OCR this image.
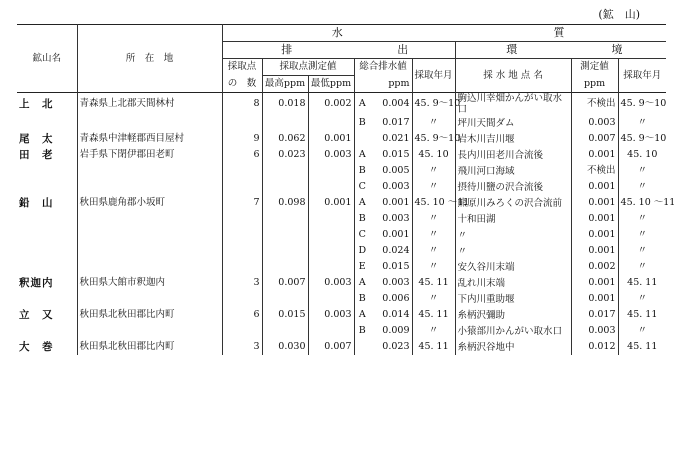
(鉱　山)
鉱山名	所　在　地	水						質		
		排			出			環	境	
		採取点	採取点測定値		総合排水値		採取年月	採 水 地 点 名	測定値	採取年月
		の　数	最高ppm	最低ppm	ppm				ppm	
上　北	青森県上北郡天間林村	8	0.018	0.002	A	0.004	45. 9〜10	駒込川幸畑かんがい取水口	不検出	45. 9〜10
					B	0.017	〃	坪川天間ダム	0.003	〃
尾　太	青森県中津軽郡西目屋村	9	0.062	0.001		0.021	45. 9〜10	岩木川吉川堰	0.007	45. 9〜10
田　老	岩手県下閉伊郡田老町	6	0.023	0.003	A	0.015	45. 10	長内川田老川合流後	0.001	45. 10
					B	0.005	〃	飛川河口海域	不検出	〃
					C	0.003	〃	摂待川鹽の沢合流後	0.001	〃
鉛　山	秋田県鹿角郡小坂町	7	0.098	0.001	A	0.001	45. 10 〜11	熊原川みろくの沢合流前	0.001	45. 10 〜11
					B	0.003	〃	十和田湖	0.001	〃
					C	0.001	〃	〃	0.001	〃
					D	0.024	〃	〃	0.001	〃
					E	0.015	〃	安久谷川末端	0.002	〃
釈迦内	秋田県大館市釈迦内	3	0.007	0.003	A	0.003	45. 11	乱れ川末端	0.001	45. 11
					B	0.006	〃	下内川重助堰	0.001	〃
立　又	秋田県北秋田郡比内町	6	0.015	0.003	A	0.014	45. 11	糸柄沢彌助	0.017	45. 11
					B	0.009	〃	小猿部川かんがい取水口	0.003	〃
大　巻	秋田県北秋田郡比内町	3	0.030	0.007		0.023	45. 11	糸柄沢谷地中	0.012	45. 11
